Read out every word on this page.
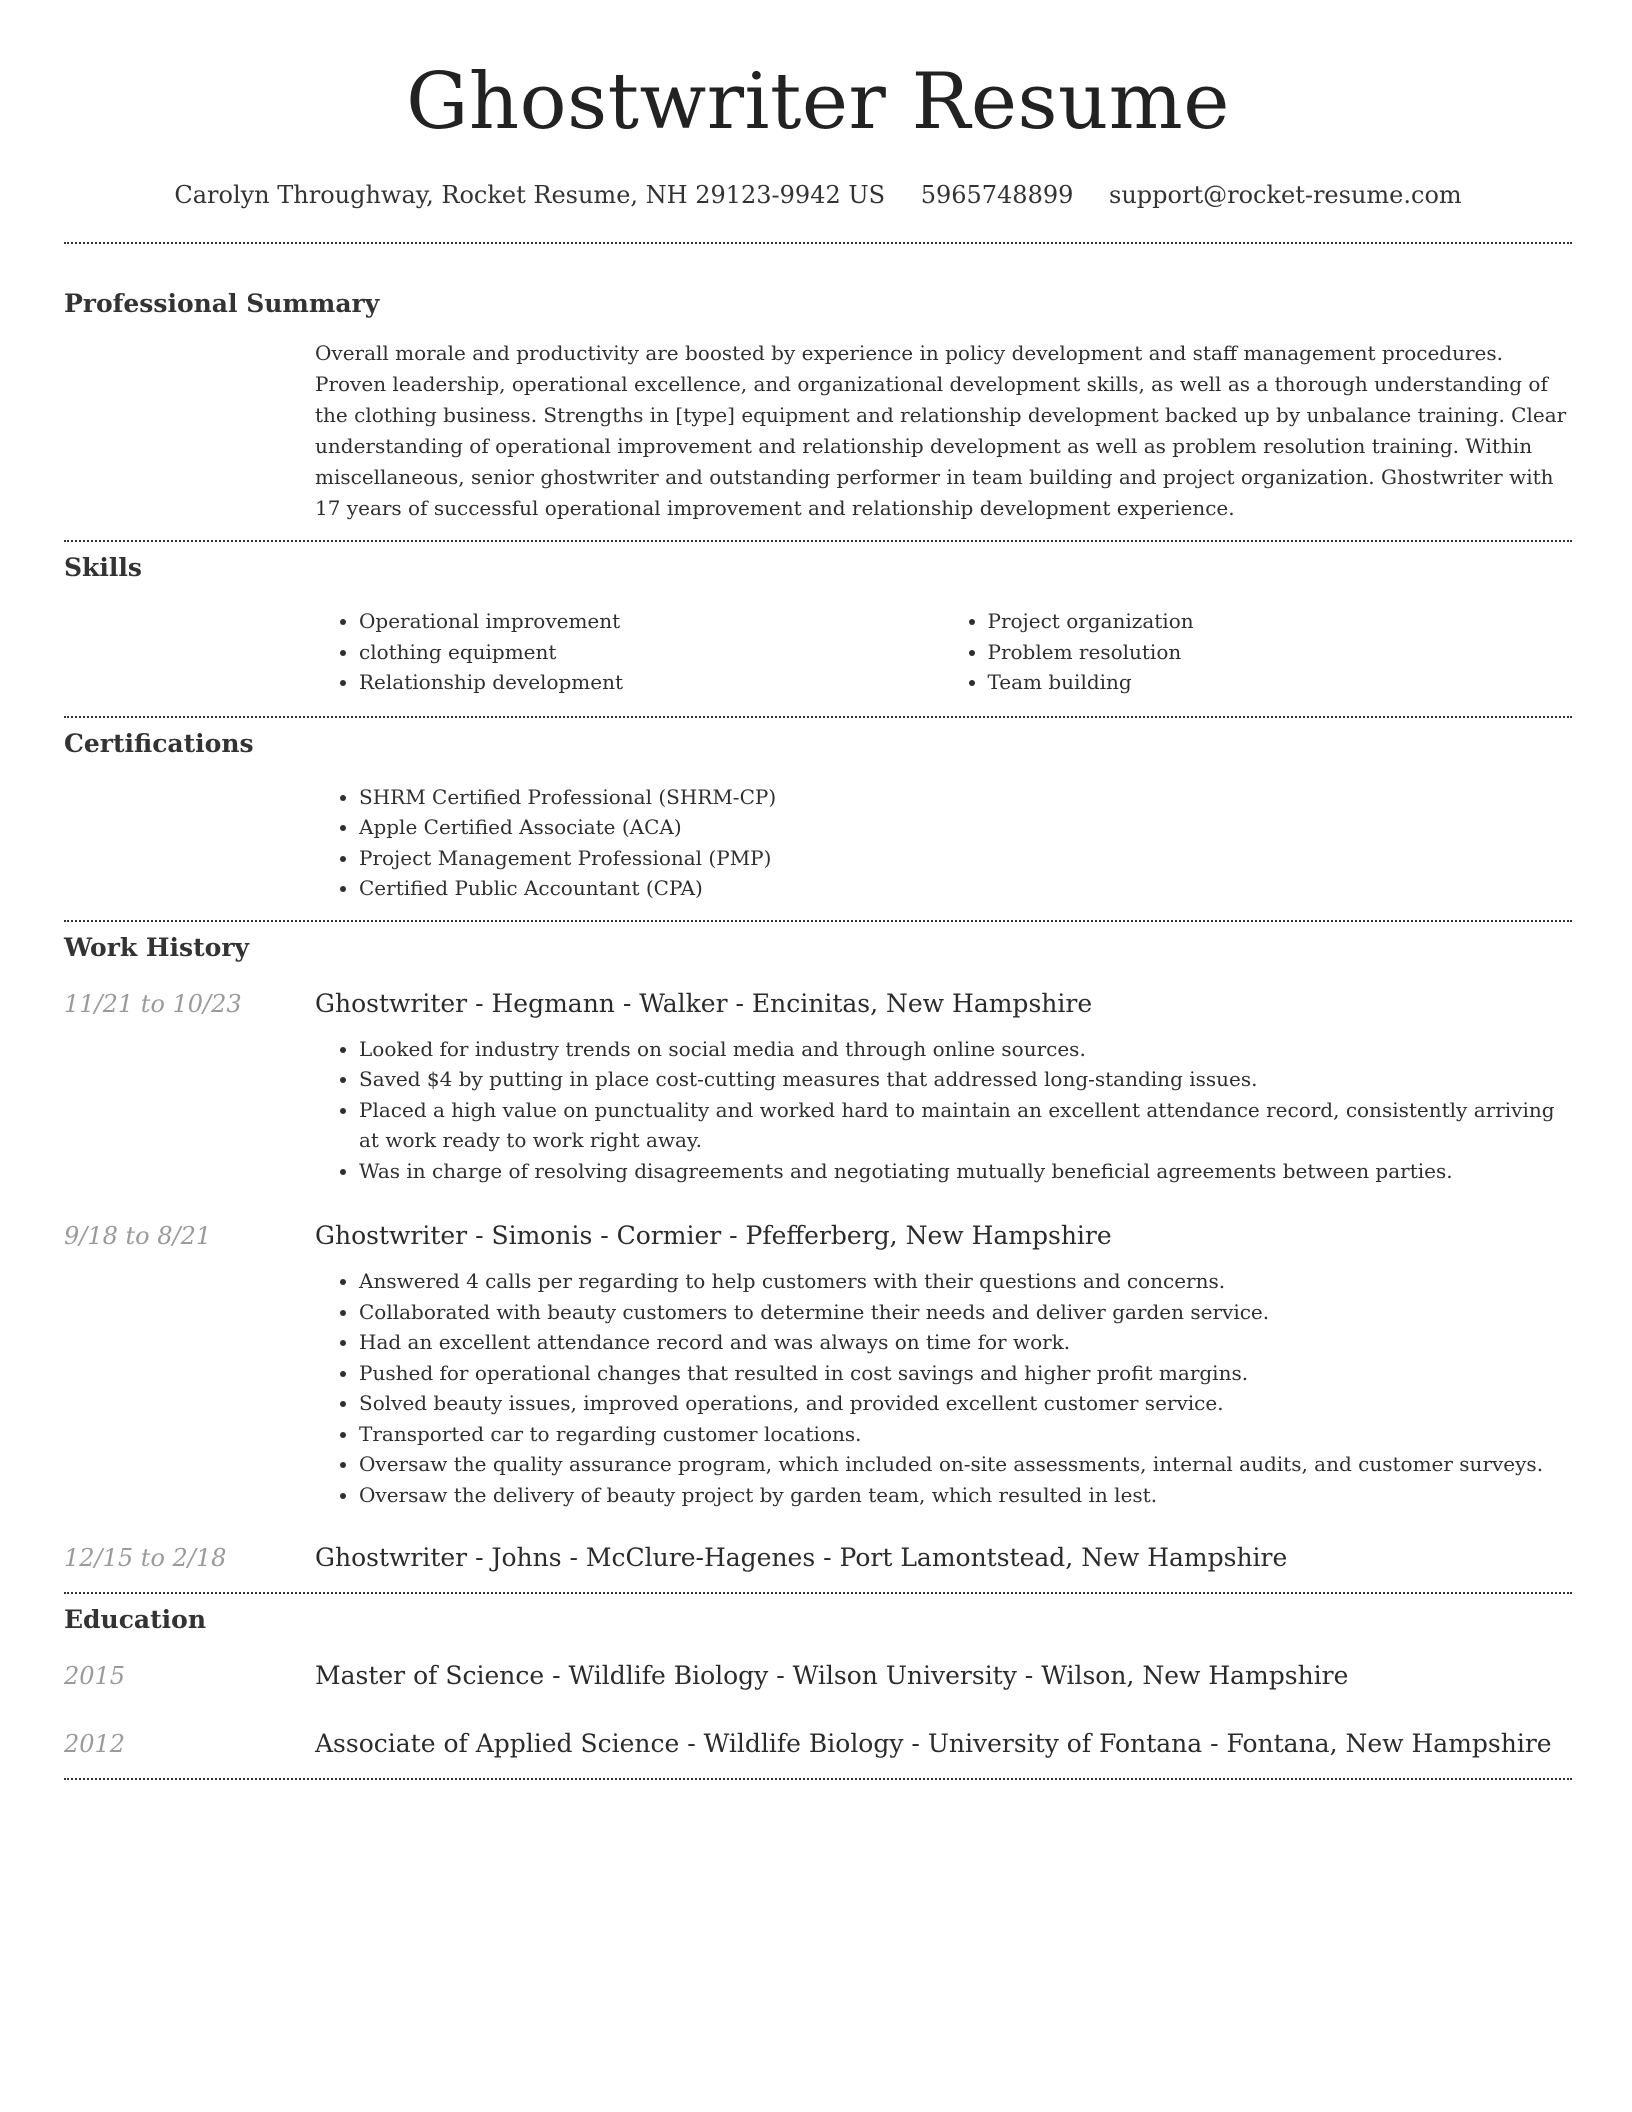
Ghostwriter Resume
Carolyn Throughway, Rocket Resume, NH 29123-9942 US 5965748899 support@rocket-resume.com
Professional Summary

Overall morale and productivity are boosted by experience in policy development and staff management procedures. Proven leadership, operational excellence, and organizational development skills, as well as a thorough understanding of the clothing business. Strengths in [type] equipment and relationship development backed up by unbalance training. Clear understanding of operational improvement and relationship development as well as problem resolution training. Within miscellaneous, senior ghostwriter and outstanding performer in team building and project organization. Ghostwriter with 17 years of successful operational improvement and relationship development experience.

Skills
• Operational improvement
• clothing equipment
• Relationship development
• Project organization
• Problem resolution
• Team building
Certifications
• SHRM Certified Professional (SHRM-CP)
• Apple Certified Associate (ACA)
• Project Management Professional (PMP)
• Certified Public Accountant (CPA)
Work History
11/21 to 10/23	Ghostwriter - Hegmann - Walker - Encinitas, New Hampshire
• Looked for industry trends on social media and through online sources.
• Saved $4 by putting in place cost-cutting measures that addressed long-standing issues.
• Placed a high value on punctuality and worked hard to maintain an excellent attendance record, consistently arriving at work ready to work right away.
• Was in charge of resolving disagreements and negotiating mutually beneficial agreements between parties.
9/18 to 8/21	Ghostwriter - Simonis - Cormier - Pfefferberg, New Hampshire
• Answered 4 calls per regarding to help customers with their questions and concerns.
• Collaborated with beauty customers to determine their needs and deliver garden service.
• Had an excellent attendance record and was always on time for work.
• Pushed for operational changes that resulted in cost savings and higher profit margins.
• Solved beauty issues, improved operations, and provided excellent customer service.
• Transported car to regarding customer locations.
• Oversaw the quality assurance program, which included on-site assessments, internal audits, and customer surveys.
• Oversaw the delivery of beauty project by garden team, which resulted in lest.
12/15 to 2/18	Ghostwriter - Johns - McClure-Hagenes - Port Lamontstead, New Hampshire
Education
2015	Master of Science - Wildlife Biology - Wilson University - Wilson, New Hampshire
2012	Associate of Applied Science - Wildlife Biology - University of Fontana - Fontana, New Hampshire
